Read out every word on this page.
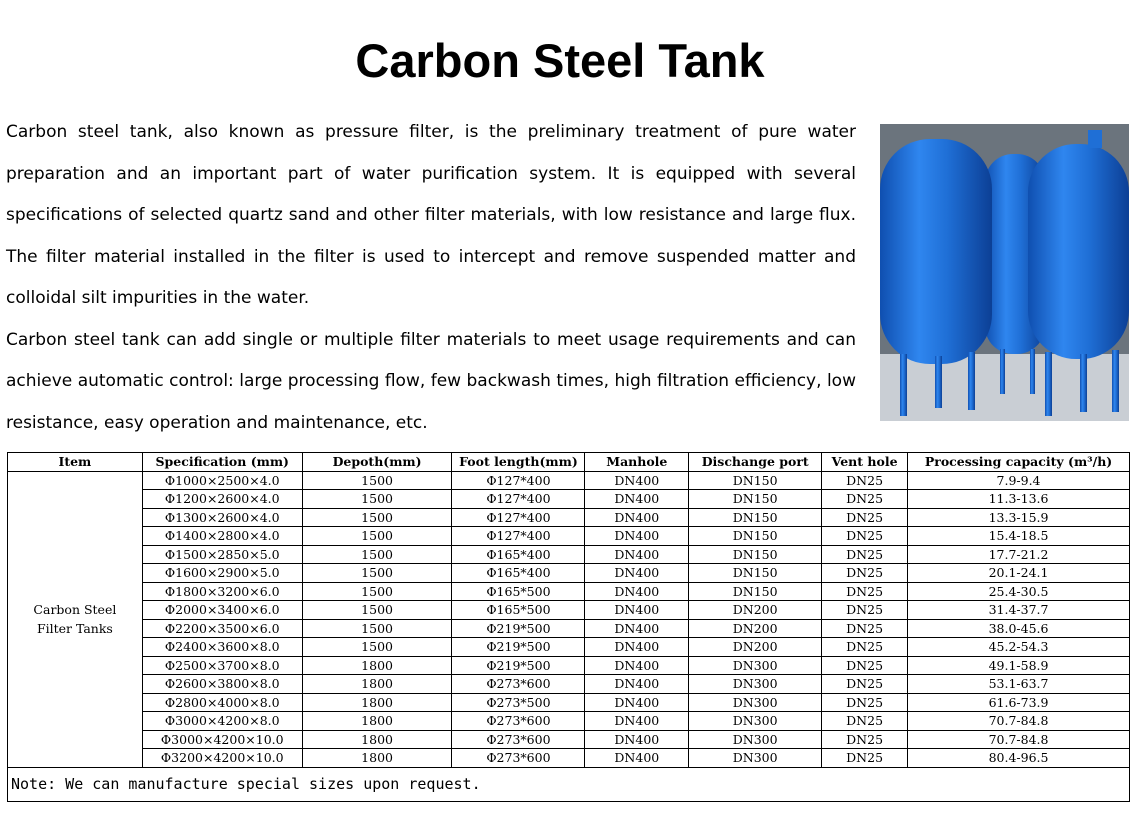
Carbon Steel Tank

Carbon steel tank, also known as pressure filter, is the preliminary treatment of pure water preparation and an important part of water purification system. It is equipped with several specifications of selected quartz sand and other filter materials, with low resistance and large flux. The filter material installed in the filter is used to intercept and remove suspended matter and colloidal silt impurities in the water.

Carbon steel tank can add single or multiple filter materials to meet usage requirements and can achieve automatic control: large processing flow, few backwash times, high filtration efficiency, low resistance, easy operation and maintenance, etc.

Item	Specification (mm)	Depoth(mm)	Foot length(mm)	Manhole	Dischange port	Vent hole	Processing capacity (m³/h)

Carbon Steel
Filter Tanks	Φ1000×2500×4.0	1500	Φ127*400	DN400	DN150	DN25	7.9-9.4
	Φ1200×2600×4.0	1500	Φ127*400	DN400	DN150	DN25	11.3-13.6
	Φ1300×2600×4.0	1500	Φ127*400	DN400	DN150	DN25	13.3-15.9
	Φ1400×2800×4.0	1500	Φ127*400	DN400	DN150	DN25	15.4-18.5
	Φ1500×2850×5.0	1500	Φ165*400	DN400	DN150	DN25	17.7-21.2
	Φ1600×2900×5.0	1500	Φ165*400	DN400	DN150	DN25	20.1-24.1
	Φ1800×3200×6.0	1500	Φ165*500	DN400	DN150	DN25	25.4-30.5
	Φ2000×3400×6.0	1500	Φ165*500	DN400	DN200	DN25	31.4-37.7
	Φ2200×3500×6.0	1500	Φ219*500	DN400	DN200	DN25	38.0-45.6
	Φ2400×3600×8.0	1500	Φ219*500	DN400	DN200	DN25	45.2-54.3
	Φ2500×3700×8.0	1800	Φ219*500	DN400	DN300	DN25	49.1-58.9
	Φ2600×3800×8.0	1800	Φ273*600	DN400	DN300	DN25	53.1-63.7
	Φ2800×4000×8.0	1800	Φ273*500	DN400	DN300	DN25	61.6-73.9
	Φ3000×4200×8.0	1800	Φ273*600	DN400	DN300	DN25	70.7-84.8
	Φ3000×4200×10.0	1800	Φ273*600	DN400	DN300	DN25	70.7-84.8
	Φ3200×4200×10.0	1800	Φ273*600	DN400	DN300	DN25	80.4-96.5
Note: We can manufacture special sizes upon request.							
